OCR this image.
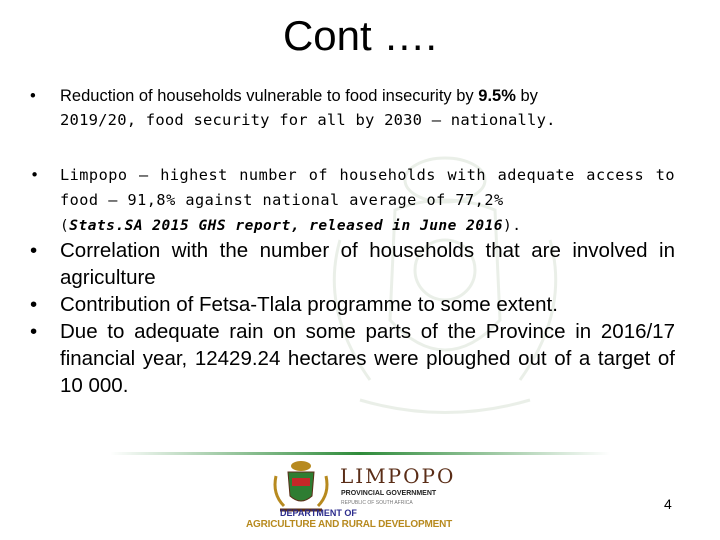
Cont ….
• Reduction of households vulnerable to food insecurity by 9.5% by
2019/20, food security for all by 2030 – nationally.
• Limpopo – highest number of households with adequate access to food – 91,8% against national average of 77,2%
(Stats.SA 2015 GHS report, released in June 2016).
• Correlation with the number of households that are involved in agriculture
• Contribution of Fetsa-Tlala programme to some extent.
• Due to adequate rain on some parts of the Province in 2016/17 financial year, 12429.24 hectares were ploughed out of a target of 10 000.
LIMPOPO
PROVINCIAL GOVERNMENT
REPUBLIC OF SOUTH AFRICA
DEPARTMENT OF
AGRICULTURE AND RURAL DEVELOPMENT
4
